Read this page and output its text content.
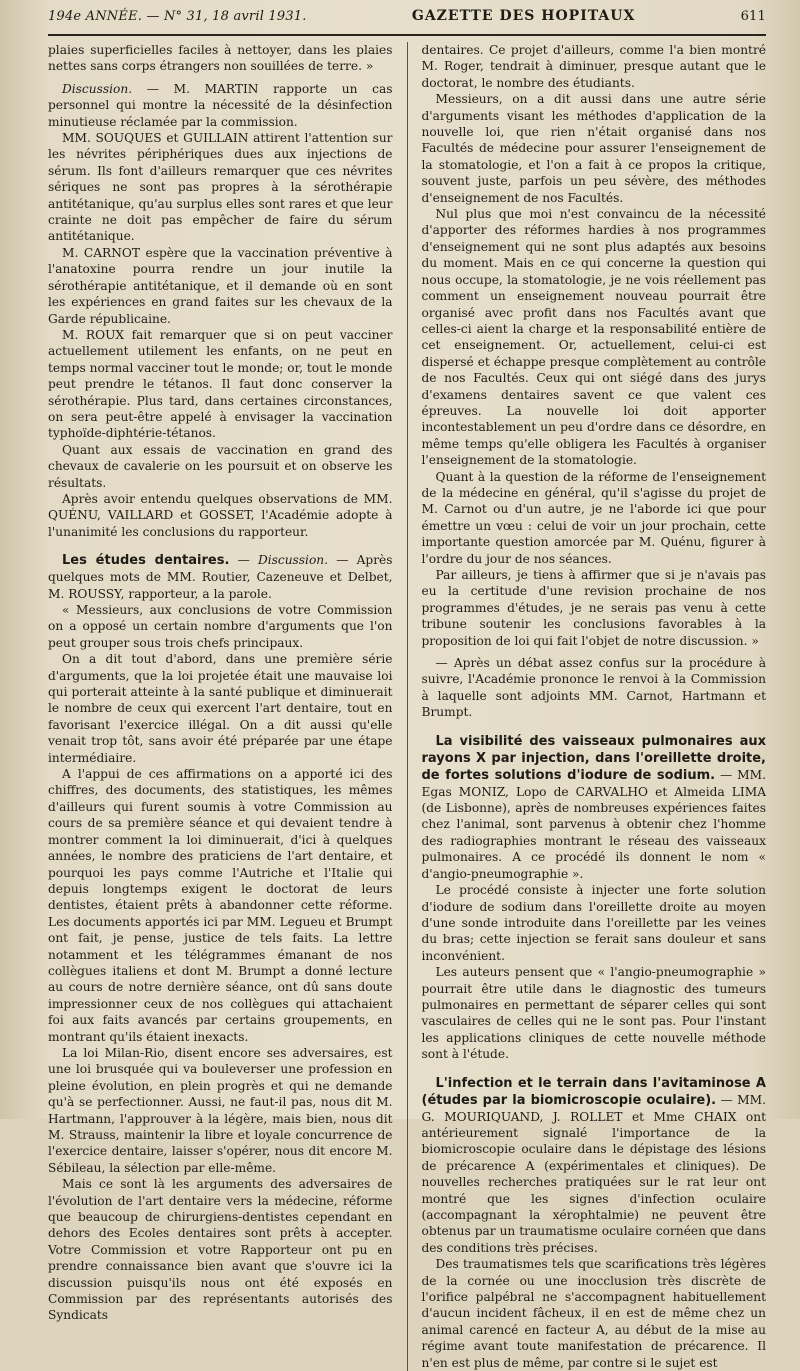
194e ANNÉE. — N° 31, 18 avril 1931.	GAZETTE DES HOPITAUX	611

plaies superficielles faciles à nettoyer, dans les plaies nettes sans corps étrangers non souillées de terre. »

Discussion. — M. MARTIN rapporte un cas personnel qui montre la nécessité de la désinfection minutieuse réclamée par la commission.

MM. SOUQUES et GUILLAIN attirent l'attention sur les névrites périphériques dues aux injections de sérum. Ils font d'ailleurs remarquer que ces névrites sériques ne sont pas propres à la sérothérapie antitétanique, qu'au surplus elles sont rares et que leur crainte ne doit pas empêcher de faire du sérum antitétanique.

M. CARNOT espère que la vaccination préventive à l'anatoxine pourra rendre un jour inutile la sérothérapie antitétanique, et il demande où en sont les expériences en grand faites sur les chevaux de la Garde républicaine.

M. ROUX fait remarquer que si on peut vacciner actuellement utilement les enfants, on ne peut en temps normal vacciner tout le monde; or, tout le monde peut prendre le tétanos. Il faut donc conserver la sérothérapie. Plus tard, dans certaines circonstances, on sera peut-être appelé à envisager la vaccination typhoïde-diphtérie-tétanos.

Quant aux essais de vaccination en grand des chevaux de cavalerie on les poursuit et on observe les résultats.

Après avoir entendu quelques observations de MM. QUÉNU, VAILLARD et GOSSET, l'Académie adopte à l'unanimité les conclusions du rapporteur.

Les études dentaires. — Discussion. — Après quelques mots de MM. Routier, Cazeneuve et Delbet, M. ROUSSY, rapporteur, a la parole.

« Messieurs, aux conclusions de votre Commission on a opposé un certain nombre d'arguments que l'on peut grouper sous trois chefs principaux.

On a dit tout d'abord, dans une première série d'arguments, que la loi projetée était une mauvaise loi qui porterait atteinte à la santé publique et diminuerait le nombre de ceux qui exercent l'art dentaire, tout en favorisant l'exercice illégal. On a dit aussi qu'elle venait trop tôt, sans avoir été préparée par une étape intermédiaire.

A l'appui de ces affirmations on a apporté ici des chiffres, des documents, des statistiques, les mêmes d'ailleurs qui furent soumis à votre Commission au cours de sa première séance et qui devaient tendre à montrer comment la loi diminuerait, d'ici à quelques années, le nombre des praticiens de l'art dentaire, et pourquoi les pays comme l'Autriche et l'Italie qui depuis longtemps exigent le doctorat de leurs dentistes, étaient prêts à abandonner cette réforme. Les documents apportés ici par MM. Legueu et Brumpt ont fait, je pense, justice de tels faits. La lettre notamment et les télégrammes émanant de nos collègues italiens et dont M. Brumpt a donné lecture au cours de notre dernière séance, ont dû sans doute impressionner ceux de nos collègues qui attachaient foi aux faits avancés par certains groupements, en montrant qu'ils étaient inexacts.

La loi Milan-Rio, disent encore ses adversaires, est une loi brusquée qui va bouleverser une profession en pleine évolution, en plein progrès et qui ne demande qu'à se perfectionner. Aussi, ne faut-il pas, nous dit M. Hartmann, l'approuver à la légère, mais bien, nous dit M. Strauss, maintenir la libre et loyale concurrence de l'exercice dentaire, laisser s'opérer, nous dit encore M. Sébileau, la sélection par elle-même.

Mais ce sont là les arguments des adversaires de l'évolution de l'art dentaire vers la médecine, réforme que beaucoup de chirurgiens-dentistes cependant en dehors des Ecoles dentaires sont prêts à accepter. Votre Commission et votre Rapporteur ont pu en prendre connaissance bien avant que s'ouvre ici la discussion puisqu'ils nous ont été exposés en Commission par des représentants autorisés des Syndicats

dentaires. Ce projet d'ailleurs, comme l'a bien montré M. Roger, tendrait à diminuer, presque autant que le doctorat, le nombre des étudiants.

Messieurs, on a dit aussi dans une autre série d'arguments visant les méthodes d'application de la nouvelle loi, que rien n'était organisé dans nos Facultés de médecine pour assurer l'enseignement de la stomatologie, et l'on a fait à ce propos la critique, souvent juste, parfois un peu sévère, des méthodes d'enseignement de nos Facultés.

Nul plus que moi n'est convaincu de la nécessité d'apporter des réformes hardies à nos programmes d'enseignement qui ne sont plus adaptés aux besoins du moment. Mais en ce qui concerne la question qui nous occupe, la stomatologie, je ne vois réellement pas comment un enseignement nouveau pourrait être organisé avec profit dans nos Facultés avant que celles-ci aient la charge et la responsabilité entière de cet enseignement. Or, actuellement, celui-ci est dispersé et échappe presque complètement au contrôle de nos Facultés. Ceux qui ont siégé dans des jurys d'examens dentaires savent ce que valent ces épreuves. La nouvelle loi doit apporter incontestablement un peu d'ordre dans ce désordre, en même temps qu'elle obligera les Facultés à organiser l'enseignement de la stomatologie.

Quant à la question de la réforme de l'enseignement de la médecine en général, qu'il s'agisse du projet de M. Carnot ou d'un autre, je ne l'aborde ici que pour émettre un vœu : celui de voir un jour prochain, cette importante question amorcée par M. Quénu, figurer à l'ordre du jour de nos séances.

Par ailleurs, je tiens à affirmer que si je n'avais pas eu la certitude d'une revision prochaine de nos programmes d'études, je ne serais pas venu à cette tribune soutenir les conclusions favorables à la proposition de loi qui fait l'objet de notre discussion. »

— Après un débat assez confus sur la procédure à suivre, l'Académie prononce le renvoi à la Commission à laquelle sont adjoints MM. Carnot, Hartmann et Brumpt.

La visibilité des vaisseaux pulmonaires aux rayons X par injection, dans l'oreillette droite, de fortes solutions d'iodure de sodium. — MM. Egas MONIZ, Lopo de CARVALHO et Almeida LIMA (de Lisbonne), après de nombreuses expériences faites chez l'animal, sont parvenus à obtenir chez l'homme des radiographies montrant le réseau des vaisseaux pulmonaires. A ce procédé ils donnent le nom « d'angio-pneumographie ».

Le procédé consiste à injecter une forte solution d'iodure de sodium dans l'oreillette droite au moyen d'une sonde introduite dans l'oreillette par les veines du bras; cette injection se ferait sans douleur et sans inconvénient.

Les auteurs pensent que « l'angio-pneumographie » pourrait être utile dans le diagnostic des tumeurs pulmonaires en permettant de séparer celles qui sont vasculaires de celles qui ne le sont pas. Pour l'instant les applications cliniques de cette nouvelle méthode sont à l'étude.

L'infection et le terrain dans l'avitaminose A (études par la biomicroscopie oculaire). — MM. G. MOURIQUAND, J. ROLLET et Mme CHAIX ont antérieurement signalé l'importance de la biomicroscopie oculaire dans le dépistage des lésions de précarence A (expérimentales et cliniques). De nouvelles recherches pratiquées sur le rat leur ont montré que les signes d'infection oculaire (accompagnant la xérophtalmie) ne peuvent être obtenus par un traumatisme oculaire cornéen que dans des conditions très précises.

Des traumatismes tels que scarifications très légères de la cornée ou une inocclusion très discrète de l'orifice palpébral ne s'accompagnent habituellement d'aucun incident fâcheux, il en est de même chez un animal carencé en facteur A, au début de la mise au régime avant toute manifestation de précarence. Il n'en est plus de même, par contre si le sujet est
